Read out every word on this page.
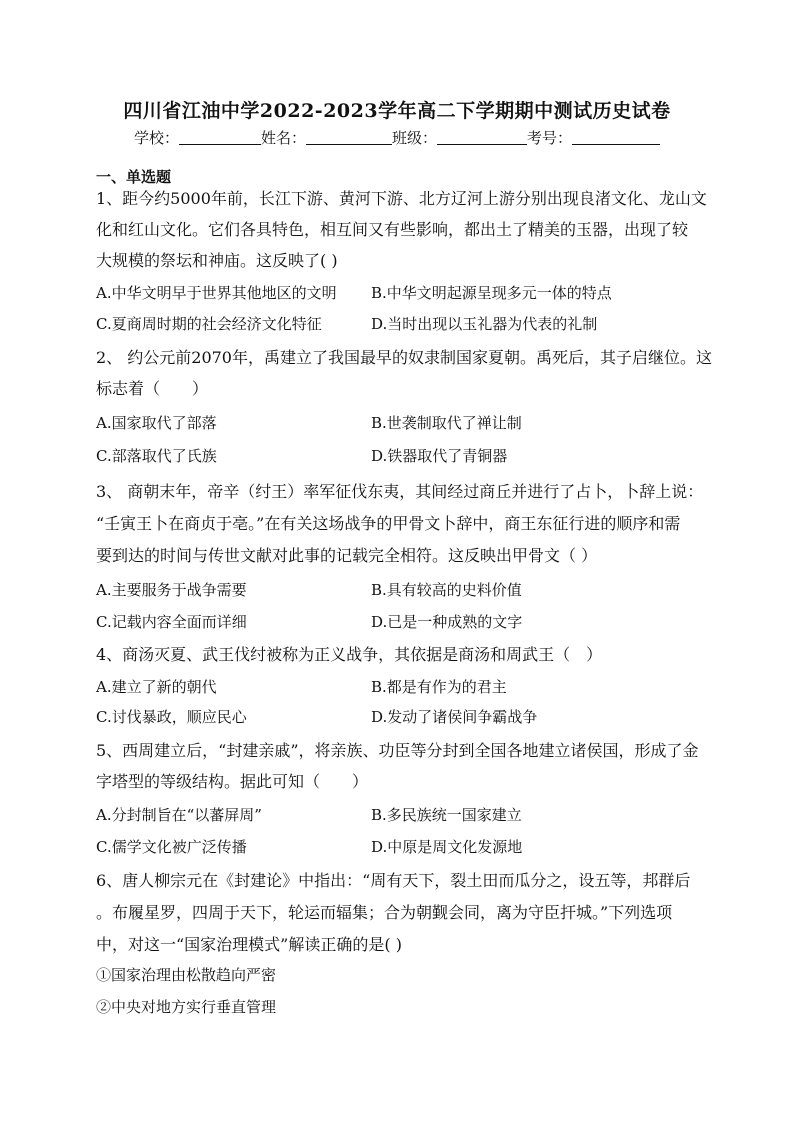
四川省江油中学2022-2023学年高二下学期期中测试历史试卷
学校：	姓名：	班级：	考号：
一、单选题
1、距今约5000年前，长江下游、黄河下游、北方辽河上游分别出现良渚文化、龙山文
化和红山文化。它们各具特色，相互间又有些影响，都出土了精美的玉器，出现了较
大规模的祭坛和神庙。这反映了( )
A.中华文明早于世界其他地区的文明 B.中华文明起源呈现多元一体的特点
C.夏商周时期的社会经济文化特征	D.当时出现以玉礼器为代表的礼制
2、 约公元前2070年，禹建立了我国最早的奴隶制国家夏朝。禹死后，其子启继位。这
标志着（　　）
A.国家取代了部落	B.世袭制取代了禅让制
C.部落取代了氏族	D.铁器取代了青铜器
3、 商朝末年，帝辛（纣王）率军征伐东夷，其间经过商丘并进行了占卜，卜辞上说：
“壬寅王卜在商贞于亳。”在有关这场战争的甲骨文卜辞中，商王东征行进的顺序和需
要到达的时间与传世文献对此事的记载完全相符。这反映出甲骨文（ ）
A.主要服务于战争需要	B.具有较高的史料价值
C.记载内容全面而详细	D.已是一种成熟的文字
4、商汤灭夏、武王伐纣被称为正义战争，其依据是商汤和周武王（　）
A.建立了新的朝代	B.都是有作为的君主
C.讨伐暴政，顺应民心	D.发动了诸侯间争霸战争
5、西周建立后，“封建亲戚”，将亲族、功臣等分封到全国各地建立诸侯国，形成了金
字塔型的等级结构。据此可知（　　）
A.分封制旨在“以蕃屏周”	B.多民族统一国家建立
C.儒学文化被广泛传播	D.中原是周文化发源地
6、唐人柳宗元在《封建论》中指出：“周有天下，裂土田而瓜分之，设五等，邦群后
。布履星罗，四周于天下，轮运而辐集；合为朝觐会同，离为守臣扞城。”下列选项
中，对这一“国家治理模式”解读正确的是( )
①国家治理由松散趋向严密
②中央对地方实行垂直管理
